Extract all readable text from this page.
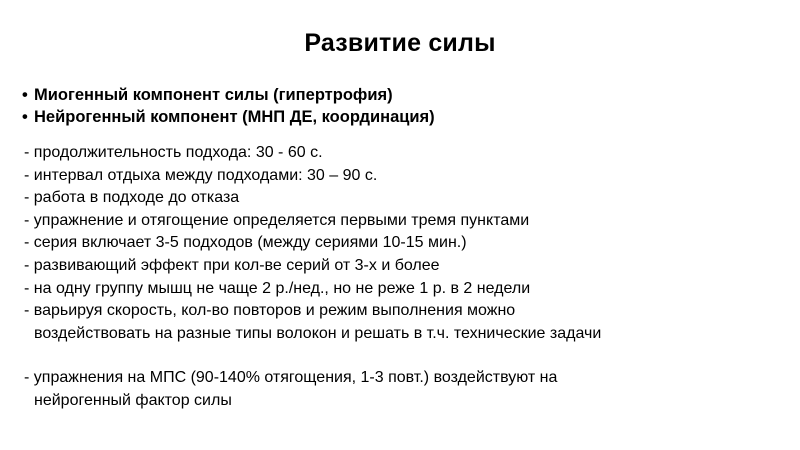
Развитие силы
• Миогенный компонент силы (гипертрофия)
• Нейрогенный компонент (МНП ДЕ, координация)
- продолжительность подхода: 30 - 60 с.
- интервал отдыха между подходами: 30 – 90 с.
- работа в подходе до отказа
- упражнение и отягощение определяется первыми тремя пунктами
- серия включает 3-5 подходов (между сериями 10-15 мин.)
- развивающий эффект при кол-ве серий от 3-х и более
- на одну группу мышц не чаще 2 р./нед., но не реже 1 р. в 2 недели
- варьируя скорость, кол-во повторов и режим выполнения можно
воздействовать на разные типы волокон и решать в т.ч. технические задачи
- упражнения на МПС (90-140% отягощения, 1-3 повт.) воздействуют на
нейрогенный фактор силы
